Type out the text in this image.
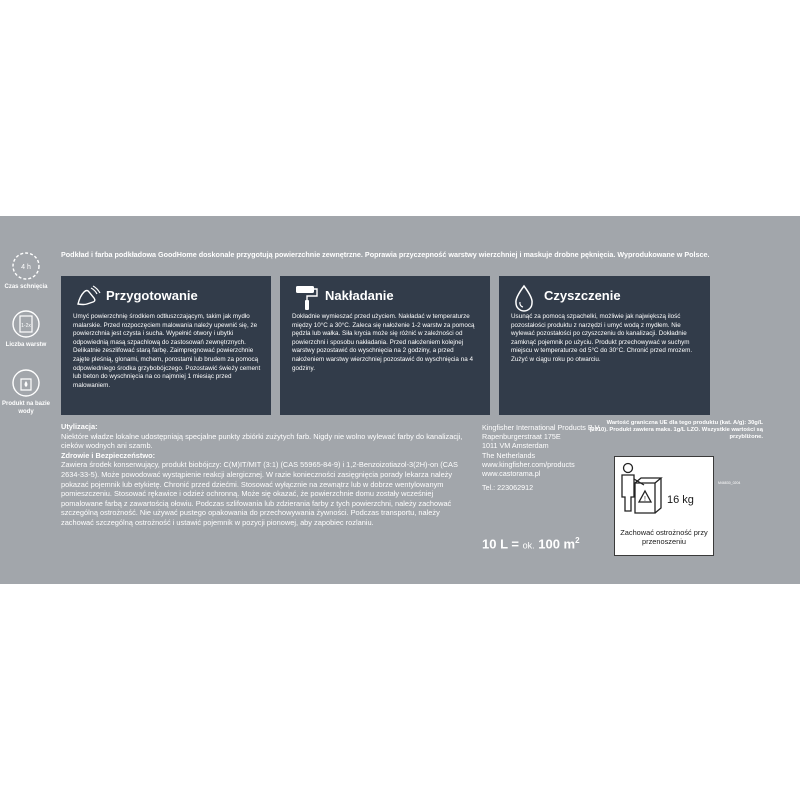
4 h
Czas schnięcia
1-2x
Liczba warstw
Produkt na bazie wody
Podkład i farba podkładowa GoodHome doskonale przygotują powierzchnie zewnętrzne. Poprawia przyczepność warstwy wierzchniej i maskuje drobne pęknięcia. Wyprodukowane w Polsce.
Przygotowanie
Umyć powierzchnię środkiem odtłuszczającym, takim jak mydło malarskie. Przed rozpoczęciem malowania należy upewnić się, że powierzchnia jest czysta i sucha. Wypełnić otwory i ubytki odpowiednią masą szpachlową do zastosowań zewnętrznych. Delikatnie zeszlifować starą farbę. Zaimpregnować powierzchnie zajęte pleśnią, glonami, mchem, porostami lub brudem za pomocą odpowiedniego środka grzybobójczego. Pozostawić świeży cement lub beton do wyschnięcia na co najmniej 1 miesiąc przed malowaniem.
Nakładanie
Dokładnie wymieszać przed użyciem. Nakładać w temperaturze między 10°C a 30°C. Zaleca się nałożenie 1-2 warstw za pomocą pędzla lub wałka. Siła krycia może się różnić w zależności od powierzchni i sposobu nakładania. Przed nałożeniem kolejnej warstwy pozostawić do wyschnięcia na 2 godziny, a przed nałożeniem warstwy wierzchniej pozostawić do wyschnięcia na 4 godziny.
Czyszczenie
Usunąć za pomocą szpachelki, możliwie jak największą ilość pozostałości produktu z narzędzi i umyć wodą z mydłem. Nie wylewać pozostałości po czyszczeniu do kanalizacji. Dokładnie zamknąć pojemnik po użyciu. Produkt przechowywać w suchym miejscu w temperaturze od 5°C do 30°C. Chronić przed mrozem. Zużyć w ciągu roku po otwarciu.
Utylizacja:
Niektóre władze lokalne udostępniają specjalne punkty zbiórki zużytych farb. Nigdy nie wolno wylewać farby do kanalizacji, cieków wodnych ani szamb.
Zdrowie i Bezpieczeństwo:
Zawiera środek konserwujący, produkt biobójczy: C(M)IT/MIT (3:1) (CAS 55965-84-9) i 1,2-Benzoizotiazol-3(2H)-on (CAS 2634-33-5). Może powodować wystąpienie reakcji alergicznej. W razie konieczności zasięgnięcia porady lekarza należy pokazać pojemnik lub etykietę. Chronić przed dziećmi. Stosować wyłącznie na zewnątrz lub w dobrze wentylowanym pomieszczeniu. Stosować rękawice i odzież ochronną. Może się okazać, że powierzchnie domu zostały wcześniej pomalowane farbą z zawartością ołowiu. Podczas szlifowania lub zdzierania farby z tych powierzchni, należy zachować szczególną ostrożność. Nie używać pustego opakowania do przechowywania żywności. Podczas transportu, należy zachować szczególną ostrożność i ustawić pojemnik w pozycji pionowej, aby zapobiec rozlaniu.
Kingfisher International Products B.V.
Rapenburgerstraat 175E
1011 VM Amsterdam
The Netherlands
www.kingfisher.com/products
www.castorama.pl
Tel.: 223062912
10 L = ok. 100 $m^2$
Wartość graniczna UE dla tego produktu (kat. A/g): 30g/L (2010). Produkt zawiera maks. 1g/L LZO. Wszystkie wartości są przybliżone.
M46830_0204
! 16 kg
Zachować ostrożność przy przenoszeniu
